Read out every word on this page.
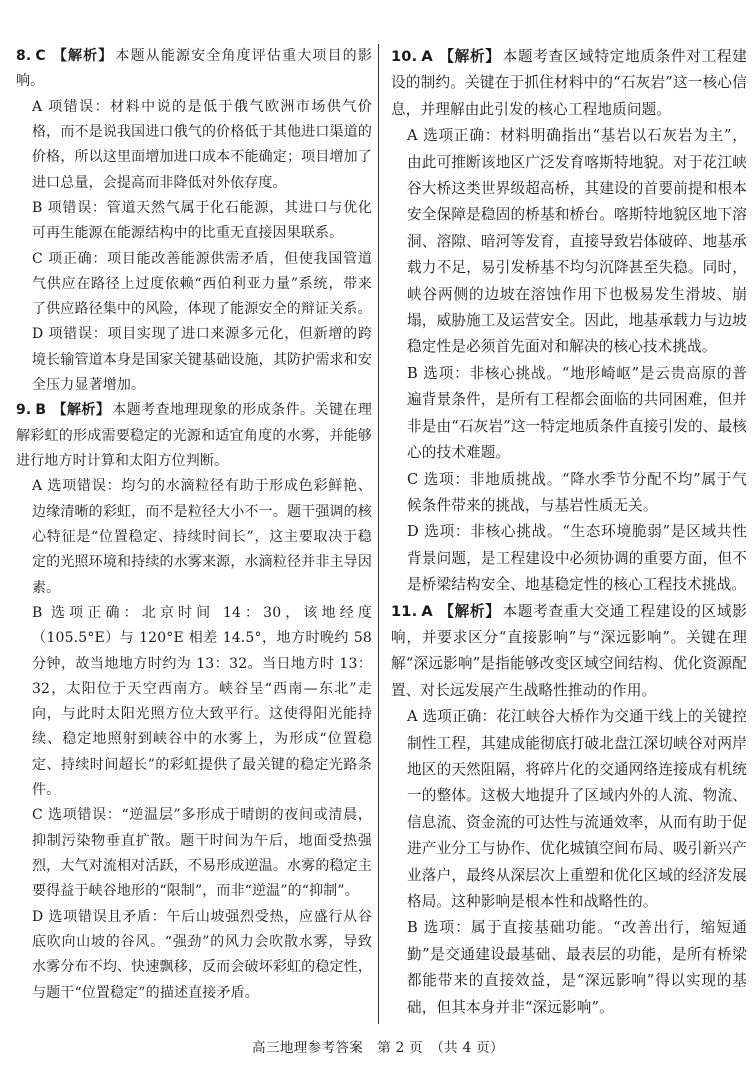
8. C 【解析】 本题从能源安全角度评估重大项目的影响。

A 项错误：材料中说的是低于俄气欧洲市场供气价格，而不是说我国进口俄气的价格低于其他进口渠道的价格，所以这里面增加进口成本不能确定；项目增加了进口总量，会提高而非降低对外依存度。

B 项错误：管道天然气属于化石能源，其进口与优化可再生能源在能源结构中的比重无直接因果联系。

C 项正确：项目能改善能源供需矛盾，但使我国管道气供应在路径上过度依赖“西伯利亚力量”系统，带来了供应路径集中的风险，体现了能源安全的辩证关系。

D 项错误：项目实现了进口来源多元化，但新增的跨境长输管道本身是国家关键基础设施，其防护需求和安全压力显著增加。

9. B 【解析】 本题考查地理现象的形成条件。关键在理解彩虹的形成需要稳定的光源和适宜角度的水雾，并能够进行地方时计算和太阳方位判断。

A 选项错误：均匀的水滴粒径有助于形成色彩鲜艳、边缘清晰的彩虹，而不是粒径大小不一。题干强调的核心特征是“位置稳定、持续时间长”，这主要取决于稳定的光照环境和持续的水雾来源，水滴粒径并非主导因素。

B 选项正确：北京时间 14：30，该地经度（105.5°E）与 120°E 相差 14.5°，地方时晚约 58 分钟，故当地地方时约为 13：32。当日地方时 13：32，太阳位于天空西南方。峡谷呈“西南—东北”走向，与此时太阳光照方位大致平行。这使得阳光能持续、稳定地照射到峡谷中的水雾上，为形成“位置稳定、持续时间超长”的彩虹提供了最关键的稳定光路条件。

C 选项错误：“逆温层”多形成于晴朗的夜间或清晨，抑制污染物垂直扩散。题干时间为午后，地面受热强烈，大气对流相对活跃，不易形成逆温。水雾的稳定主要得益于峡谷地形的“限制”，而非“逆温”的“抑制”。

D 选项错误且矛盾：午后山坡强烈受热，应盛行从谷底吹向山坡的谷风。“强劲”的风力会吹散水雾，导致水雾分布不均、快速飘移，反而会破坏彩虹的稳定性，与题干“位置稳定”的描述直接矛盾。

10. A 【解析】 本题考查区域特定地质条件对工程建设的制约。关键在于抓住材料中的“石灰岩”这一核心信息，并理解由此引发的核心工程地质问题。

A 选项正确：材料明确指出“基岩以石灰岩为主”，由此可推断该地区广泛发育喀斯特地貌。对于花江峡谷大桥这类世界级超高桥，其建设的首要前提和根本安全保障是稳固的桥基和桥台。喀斯特地貌区地下溶洞、溶隙、暗河等发育，直接导致岩体破碎、地基承载力不足，易引发桥基不均匀沉降甚至失稳。同时，峡谷两侧的边坡在溶蚀作用下也极易发生滑坡、崩塌，威胁施工及运营安全。因此，地基承载力与边坡稳定性是必须首先面对和解决的核心技术挑战。

B 选项：非核心挑战。“地形崎岖”是云贵高原的普遍背景条件，是所有工程都会面临的共同困难，但并非是由“石灰岩”这一特定地质条件直接引发的、最核心的技术难题。

C 选项：非地质挑战。“降水季节分配不均”属于气候条件带来的挑战，与基岩性质无关。

D 选项：非核心挑战。“生态环境脆弱”是区域共性背景问题，是工程建设中必须协调的重要方面，但不是桥梁结构安全、地基稳定性的核心工程技术挑战。

11. A 【解析】 本题考查重大交通工程建设的区域影响，并要求区分“直接影响”与“深远影响”。关键在理解“深远影响”是指能够改变区域空间结构、优化资源配置、对长远发展产生战略性推动的作用。

A 选项正确：花江峡谷大桥作为交通干线上的关键控制性工程，其建成能彻底打破北盘江深切峡谷对两岸地区的天然阻隔，将碎片化的交通网络连接成有机统一的整体。这极大地提升了区域内外的人流、物流、信息流、资金流的可达性与流通效率，从而有助于促进产业分工与协作、优化城镇空间布局、吸引新兴产业落户，最终从深层次上重塑和优化区域的经济发展格局。这种影响是根本性和战略性的。

B 选项：属于直接基础功能。“改善出行，缩短通勤”是交通建设最基础、最表层的功能，是所有桥梁都能带来的直接效益，是“深远影响”得以实现的基础，但其本身并非“深远影响”。

高三地理参考答案　第 2 页　（共 4 页）
